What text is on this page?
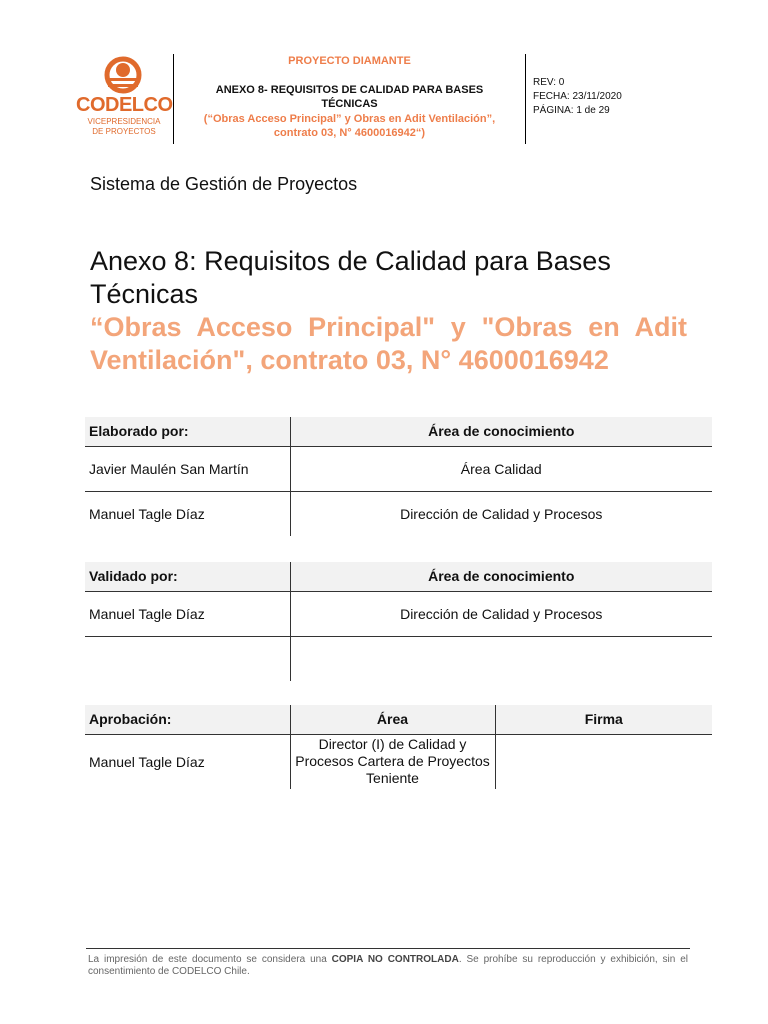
CODELCO
VICEPRESIDENCIA
DE PROYECTOS
PROYECTO DIAMANTE
ANEXO 8- REQUISITOS DE CALIDAD PARA BASES
TÉCNICAS
(“Obras Acceso Principal” y Obras en Adit Ventilación”,
contrato 03, N° 4600016942“)
REV: 0
FECHA: 23/11/2020
PÁGINA: 1 de 29
Sistema de Gestión de Proyectos
Anexo 8: Requisitos de Calidad para Bases
Técnicas
“Obras Acceso Principal" y "Obras en Adit Ventilación", contrato 03, N° 4600016942
Elaborado por:	Área de conocimiento
Javier Maulén San Martín	Área Calidad
Manuel Tagle Díaz	Dirección de Calidad y Procesos
Validado por:	Área de conocimiento
Manuel Tagle Díaz	Dirección de Calidad y Procesos

Aprobación:	Área	Firma
Manuel Tagle Díaz	Director (I) de Calidad y Procesos Cartera de Proyectos Teniente	
La impresión de este documento se considera una COPIA NO CONTROLADA. Se prohíbe su reproducción y exhibición, sin el consentimiento de CODELCO Chile.
